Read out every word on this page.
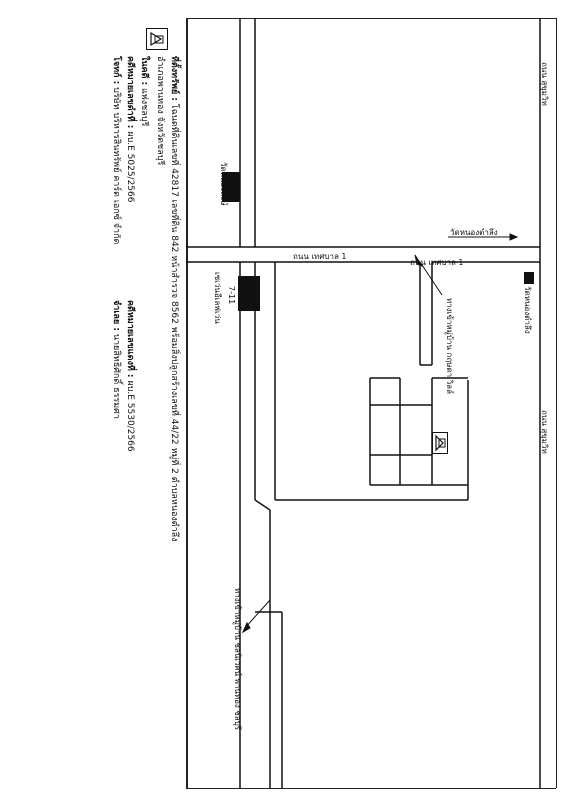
ถนน สุขุมวิท
ถนน สุขุมวิท
วัดหนองตำลึง
วัดหนองหงษ์
7-11
เซเว่นอีเลฟเว่น
ทางเข้าหมู่บ้าน กฤษดา วิลล์
ทางเข้าหมู่บ้าน ชลนิเวศน์ พานทอง ชลบุรี
ถนน เทศบาล 1
ถนน เทศบาล 1
วัดหนองตำลึง
ที่ตั้งทรัพย์ : โฉนดที่ดินเลขที่ 42817 เลขที่ดิน 842 หน้าสำรวจ 8562 พร้อมสิ่งปลูกสร้างเลขที่ 44/22 หมู่ที่ 2 ตำบลหนองตำลึง
อำเภอพานทอง จังหวัดชลบุรี
ในคดี : แพ่งชลบุรี
คดีหมายเลขดำที่ : ผบ.E 5025/2566
คดีหมายเลขแดงที่ : ผบ.E 5530/2566
โจทก์ : บริษัท บริหารสินทรัพย์ คาร์ด เอกซ์ จำกัด
จำเลย : นายสิทธิศักดิ์ ธรรมศา
